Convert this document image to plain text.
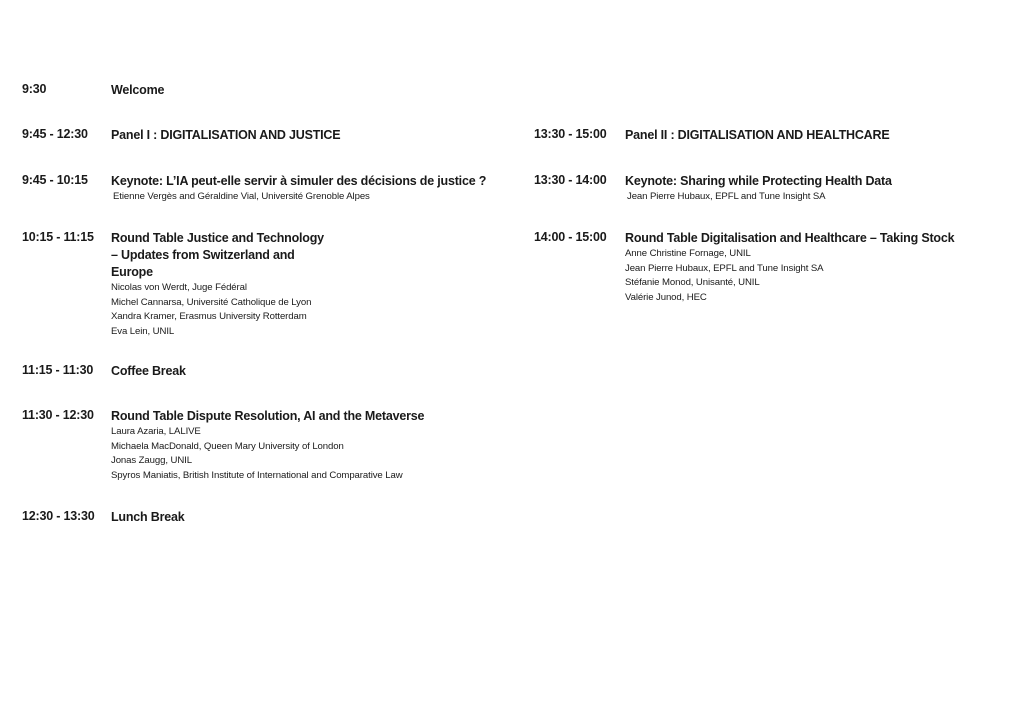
9:30	Welcome

9:45 - 12:30 Panel I : DIGITALISATION AND JUSTICE

9:45 - 10:15 Keynote: L’IA peut-elle servir à simuler des décisions de justice ?

Etienne Vergès and Géraldine Vial, Université Grenoble Alpes
10:15 - 11:15 Round Table Justice and Technology – Updates from Switzerland and Europe

Nicolas von Werdt, Juge Fédéral
Michel Cannarsa, Université Catholique de Lyon
Xandra Kramer, Erasmus University Rotterdam
Eva Lein, UNIL
11:15 - 11:30 Coffee Break

11:30 - 12:30 Round Table Dispute Resolution, AI and the Metaverse

Laura Azaria, LALIVE
Michaela MacDonald, Queen Mary University of London
Jonas Zaugg, UNIL
Spyros Maniatis, British Institute of International and Comparative Law
12:30 - 13:30 Lunch Break

13:30 - 15:00 Panel II : DIGITALISATION AND HEALTHCARE

13:30 - 14:00 Keynote: Sharing while Protecting Health Data

Jean Pierre Hubaux, EPFL and Tune Insight SA
14:00 - 15:00 Round Table Digitalisation and Healthcare – Taking Stock

Anne Christine Fornage, UNIL
Jean Pierre Hubaux, EPFL and Tune Insight SA
Stéfanie Monod, Unisanté, UNIL
Valérie Junod, HEC
